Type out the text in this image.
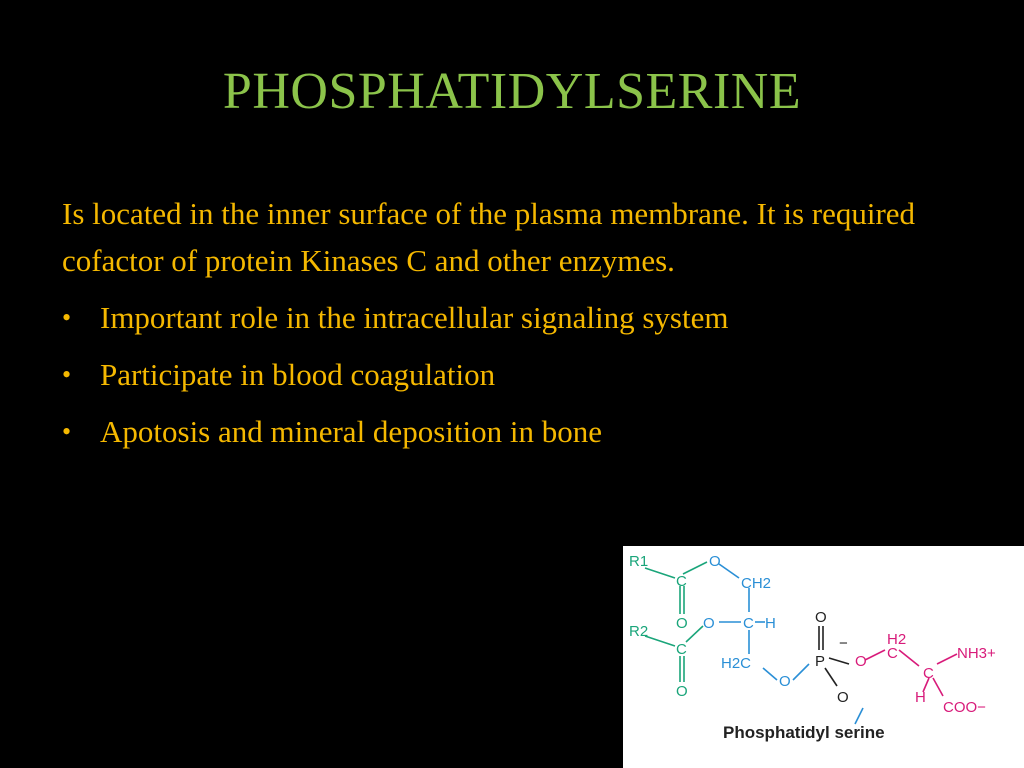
PHOSPHATIDYLSERINE

Is located in the inner surface of the plasma membrane. It is required cofactor of protein Kinases C and other enzymes.

• Important role in the intracellular signaling system
• Participate in blood coagulation
• Apotosis and mineral deposition in bone
R1
C
O
R2
C
O
O
CH2
O C H
H2C
O
O
P
−
O
O
H2
C
C
NH3+
H
COO−
Phosphatidyl serine
